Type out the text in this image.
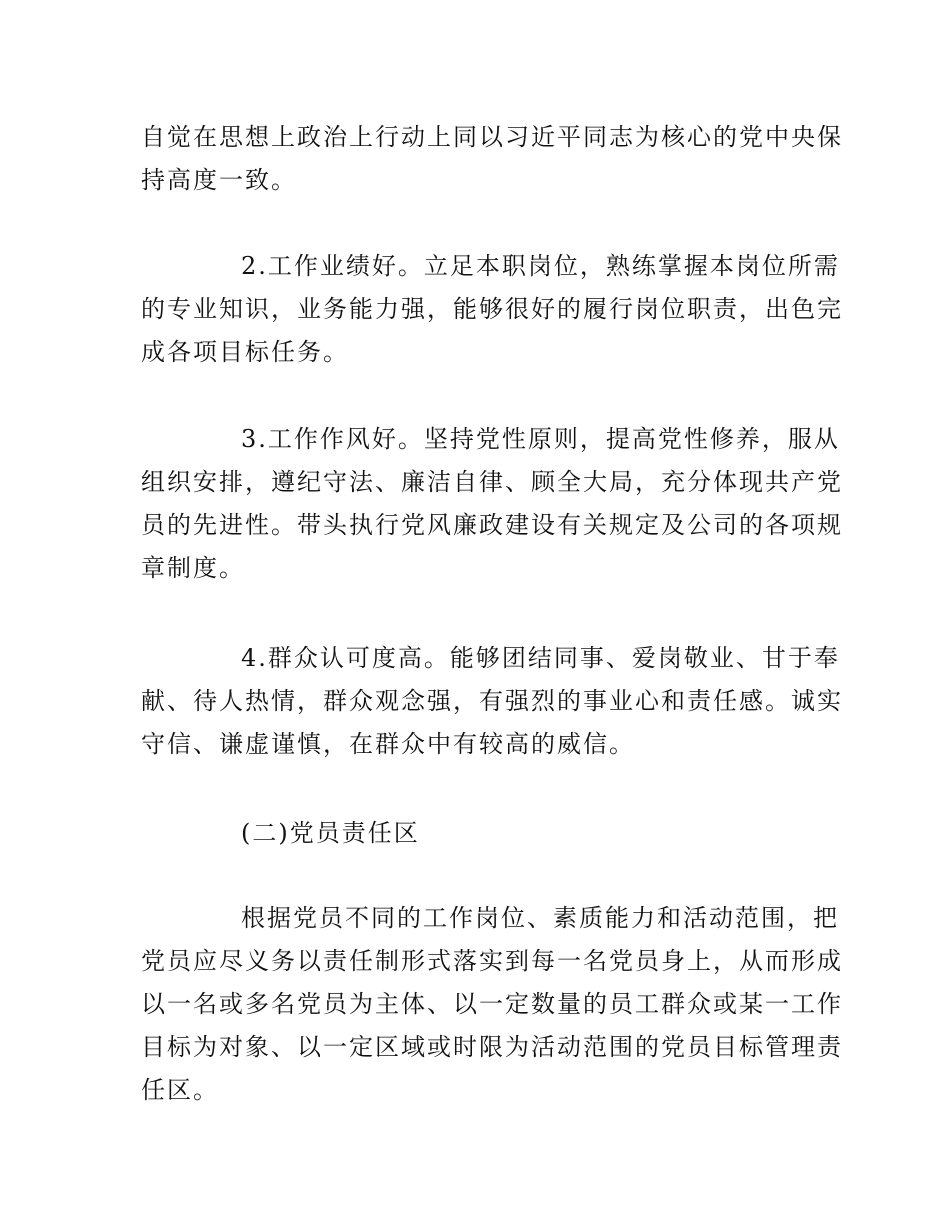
自觉在思想上政治上行动上同以习近平同志为核心的党中央保
持高度一致。
2.工作业绩好。立足本职岗位，熟练掌握本岗位所需
的专业知识，业务能力强，能够很好的履行岗位职责，出色完
成各项目标任务。
3.工作作风好。坚持党性原则，提高党性修养，服从
组织安排，遵纪守法、廉洁自律、顾全大局，充分体现共产党
员的先进性。带头执行党风廉政建设有关规定及公司的各项规
章制度。
4.群众认可度高。能够团结同事、爱岗敬业、甘于奉
献、待人热情，群众观念强，有强烈的事业心和责任感。诚实
守信、谦虚谨慎，在群众中有较高的威信。
(二)党员责任区
根据党员不同的工作岗位、素质能力和活动范围，把
党员应尽义务以责任制形式落实到每一名党员身上，从而形成
以一名或多名党员为主体、以一定数量的员工群众或某一工作
目标为对象、以一定区域或时限为活动范围的党员目标管理责
任区。
